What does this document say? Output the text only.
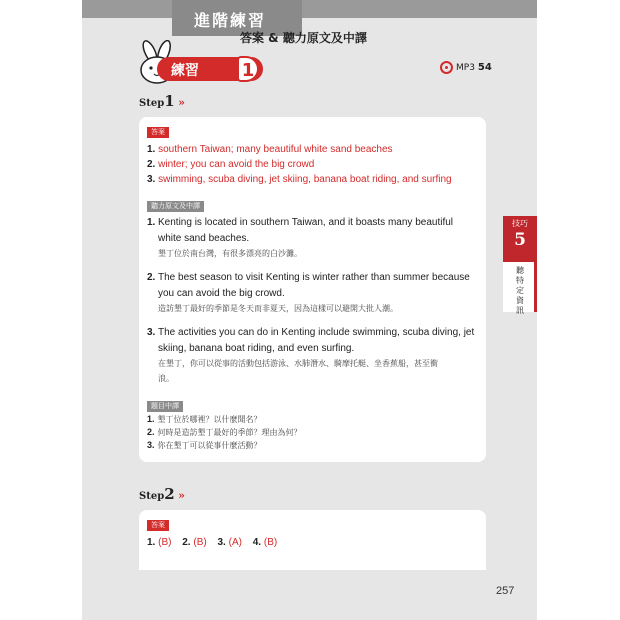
進階練習
答案 & 聽力原文及中譯
練習 1	MP3 54
Step1 »
答案
1. southern Taiwan; many beautiful white sand beaches
2. winter; you can avoid the big crowd
3. swimming, scuba diving, jet skiing, banana boat riding, and surfing
聽力原文及中譯
1. Kenting is located in southern Taiwan, and it boasts many beautiful
white sand beaches.
墾丁位於南台灣，有很多漂亮的白沙灘。
2. The best season to visit Kenting is winter rather than summer because
you can avoid the big crowd.
造訪墾丁最好的季節是冬天而非夏天，因為這樣可以避開大批人潮。
3. The activities you can do in Kenting include swimming, scuba diving, jet
skiing, banana boat riding, and even surfing.
在墾丁，你可以從事的活動包括游泳、水肺潛水、騎摩托艇、坐香蕉船，甚至衝
浪。
題目中譯
1. 墾丁位於哪裡？以什麼聞名？
2. 何時是造訪墾丁最好的季節？理由為何？
3. 你在墾丁可以從事什麼活動？
Step2 »
答案
1. (B) 2. (B) 3. (A) 4. (B)
技巧
5
聽
特
定
資
訊
257
